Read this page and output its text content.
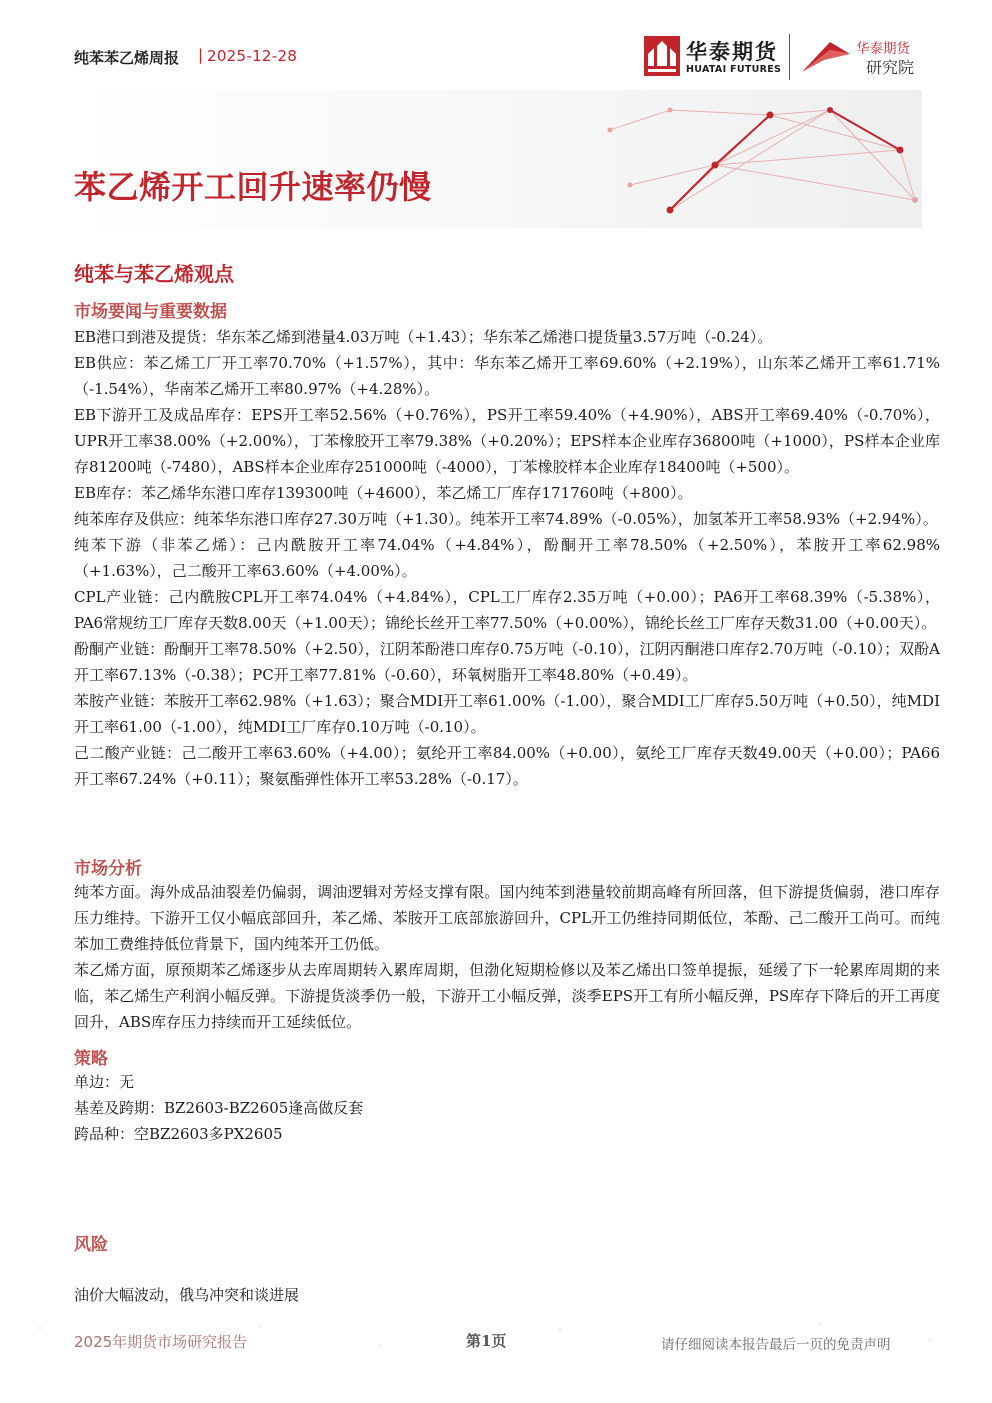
纯苯苯乙烯周报 | 2025-12-28	华泰期货
HUATAI FUTURES
华泰期货
研究院
苯乙烯开工回升速率仍慢
纯苯与苯乙烯观点
市场要闻与重要数据

EB港口到港及提货：华东苯乙烯到港量4.03万吨（+1.43）；华东苯乙烯港口提货量3.57万吨（-0.24）。

EB供应：苯乙烯工厂开工率70.70%（+1.57%），其中：华东苯乙烯开工率69.60%（+2.19%），山东苯乙烯开工率61.71%（-1.54%），华南苯乙烯开工率80.97%（+4.28%）。

EB下游开工及成品库存：EPS开工率52.56%（+0.76%），PS开工率59.40%（+4.90%），ABS开工率69.40%（-0.70%），UPR开工率38.00%（+2.00%），丁苯橡胶开工率79.38%（+0.20%）；EPS样本企业库存36800吨（+1000），PS样本企业库存81200吨（-7480），ABS样本企业库存251000吨（-4000），丁苯橡胶样本企业库存18400吨（+500）。

EB库存：苯乙烯华东港口库存139300吨（+4600），苯乙烯工厂库存171760吨（+800）。

纯苯库存及供应：纯苯华东港口库存27.30万吨（+1.30）。纯苯开工率74.89%（-0.05%），加氢苯开工率58.93%（+2.94%）。

纯苯下游（非苯乙烯）：己内酰胺开工率74.04%（+4.84%），酚酮开工率78.50%（+2.50%），苯胺开工率62.98%（+1.63%），己二酸开工率63.60%（+4.00%）。

CPL产业链：己内酰胺CPL开工率74.04%（+4.84%），CPL工厂库存2.35万吨（+0.00）；PA6开工率68.39%（-5.38%），PA6常规纺工厂库存天数8.00天（+1.00天）；锦纶长丝开工率77.50%（+0.00%），锦纶长丝工厂库存天数31.00（+0.00天）。

酚酮产业链：酚酮开工率78.50%（+2.50），江阴苯酚港口库存0.75万吨（-0.10），江阴丙酮港口库存2.70万吨（-0.10）；双酚A开工率67.13%（-0.38）；PC开工率77.81%（-0.60），环氧树脂开工率48.80%（+0.49）。

苯胺产业链：苯胺开工率62.98%（+1.63）；聚合MDI开工率61.00%（-1.00），聚合MDI工厂库存5.50万吨（+0.50），纯MDI开工率61.00（-1.00），纯MDI工厂库存0.10万吨（-0.10）。

己二酸产业链：己二酸开工率63.60%（+4.00）；氨纶开工率84.00%（+0.00），氨纶工厂库存天数49.00天（+0.00）；PA66开工率67.24%（+0.11）；聚氨酯弹性体开工率53.28%（-0.17）。

市场分析

纯苯方面。海外成品油裂差仍偏弱，调油逻辑对芳烃支撑有限。国内纯苯到港量较前期高峰有所回落，但下游提货偏弱，港口库存压力维持。下游开工仅小幅底部回升，苯乙烯、苯胺开工底部旅游回升，CPL开工仍维持同期低位，苯酚、己二酸开工尚可。而纯苯加工费维持低位背景下，国内纯苯开工仍低。

苯乙烯方面，原预期苯乙烯逐步从去库周期转入累库周期，但渤化短期检修以及苯乙烯出口签单提振，延缓了下一轮累库周期的来临，苯乙烯生产利润小幅反弹。下游提货淡季仍一般，下游开工小幅反弹，淡季EPS开工有所小幅反弹，PS库存下降后的开工再度回升，ABS库存压力持续而开工延续低位。

策略

单边：无

基差及跨期：BZ2603-BZ2605逢高做反套

跨品种：空BZ2603多PX2605

风险

油价大幅波动，俄乌冲突和谈进展

2025年期货市场研究报告	第1页	请仔细阅读本报告最后一页的免责声明
